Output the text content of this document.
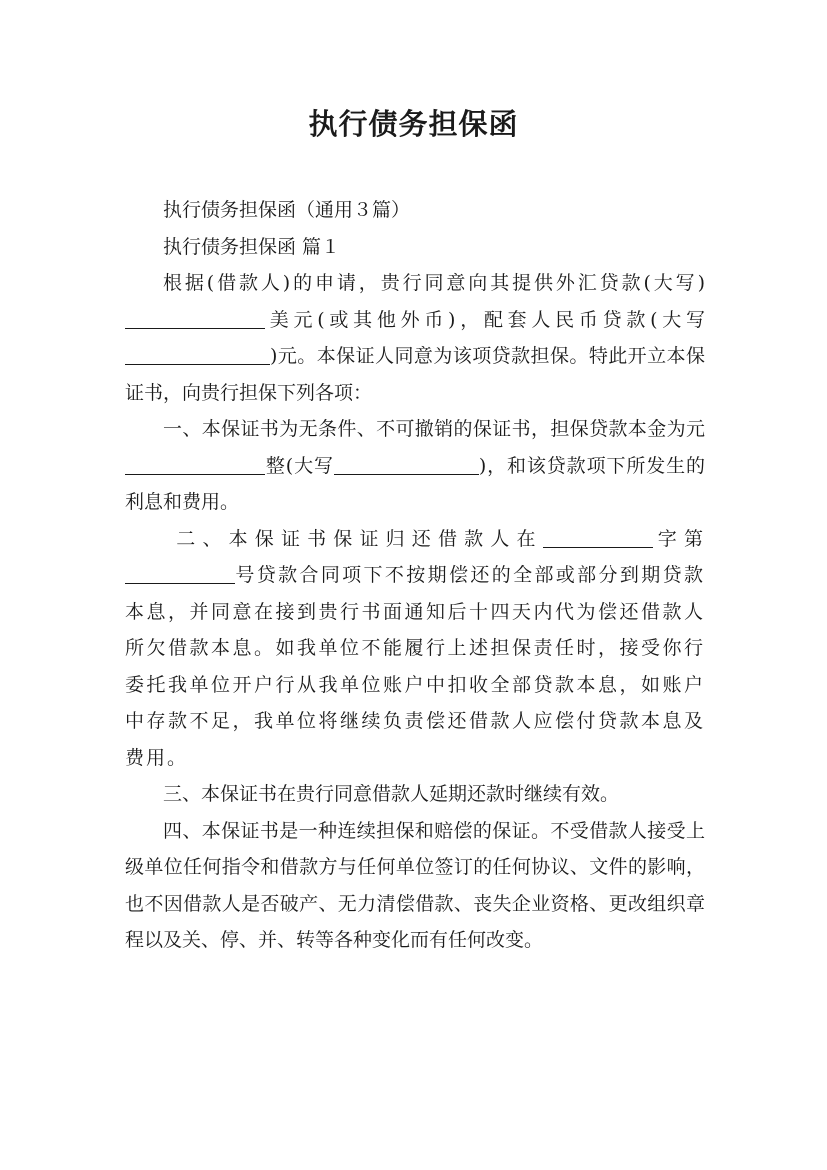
执行债务担保函

执行债务担保函（通用３篇）

执行债务担保函 篇１

根据(借款人)的申请，贵行同意向其提供外汇贷款(大写)美元(或其他外币)，配套人民币贷款(大写)元。本保证人同意为该项贷款担保。特此开立本保证书，向贵行担保下列各项：

一、本保证书为无条件、不可撤销的保证书，担保贷款本金为元整(大写	)，和该贷款项下所发生的利息和费用。

二、本保证书保证归还借款人在	字第号贷款合同项下不按期偿还的全部或部分到期贷款本息，并同意在接到贵行书面通知后十四天内代为偿还借款人所欠借款本息。如我单位不能履行上述担保责任时，接受你行委托我单位开户行从我单位账户中扣收全部贷款本息，如账户中存款不足，我单位将继续负责偿还借款人应偿付贷款本息及费用。

三、本保证书在贵行同意借款人延期还款时继续有效。

四、本保证书是一种连续担保和赔偿的保证。不受借款人接受上级单位任何指令和借款方与任何单位签订的任何协议、文件的影响，也不因借款人是否破产、无力清偿借款、丧失企业资格、更改组织章程以及关、停、并、转等各种变化而有任何改变。
